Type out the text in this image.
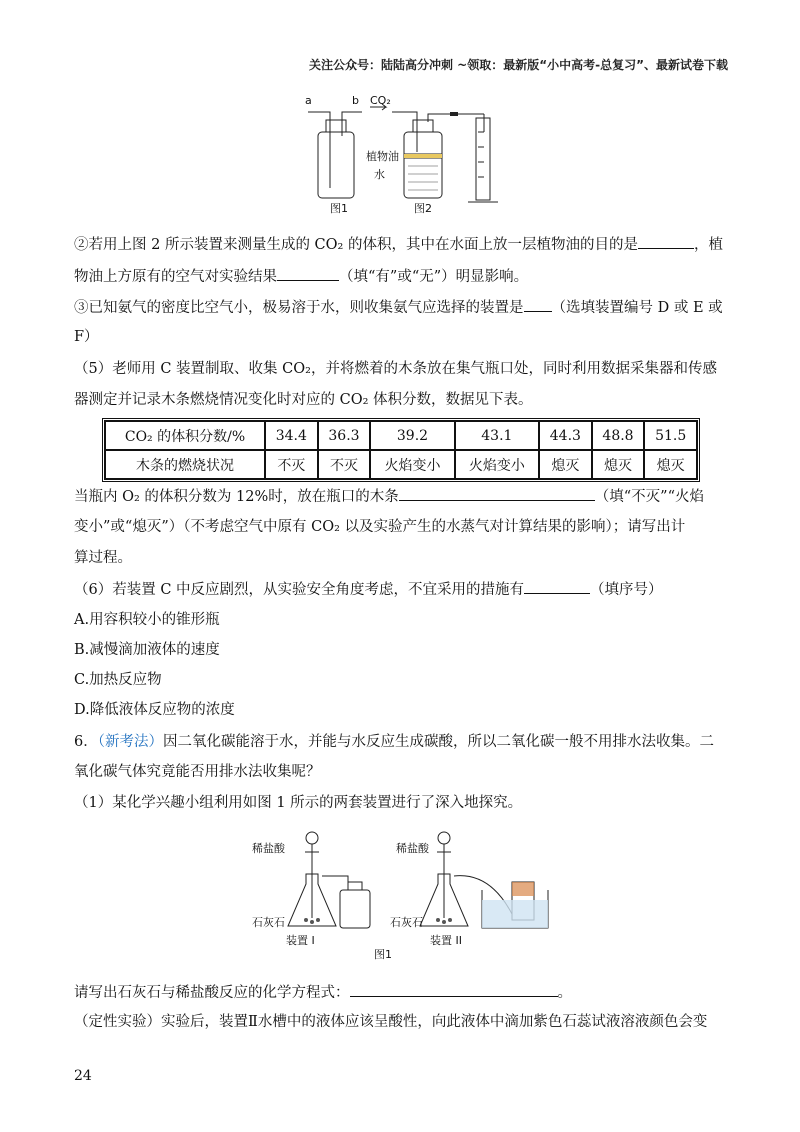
关注公众号：陆陆高分冲刺 ~领取：最新版“小中高考-总复习”、最新试卷下载
a	b CO₂
植物油
水
图1	图2
②若用上图 2 所示装置来测量生成的 CO₂ 的体积，其中在水面上放一层植物油的目的是	，植
物油上方原有的空气对实验结果	（填“有”或“无”）明显影响。
③已知氨气的密度比空气小，极易溶于水，则收集氨气应选择的装置是 （选填装置编号 D 或 E 或
F）
（5）老师用 C 装置制取、收集 CO₂，并将燃着的木条放在集气瓶口处，同时利用数据采集器和传感
器测定并记录木条燃烧情况变化时对应的 CO₂ 体积分数，数据见下表。
CO₂ 的体积分数/%	34.4	36.3	39.2	43.1	44.3	48.8	51.5
木条的燃烧状况	不灭	不灭	火焰变小	火焰变小	熄灭	熄灭	熄灭
当瓶内 O₂ 的体积分数为 12%时，放在瓶口的木条	（填“不灭”“火焰
变小”或“熄灭”）（不考虑空气中原有 CO₂ 以及实验产生的水蒸气对计算结果的影响）；请写出计
算过程。
（6）若装置 C 中反应剧烈，从实验安全角度考虑，不宜采用的措施有	（填序号）
A.用容积较小的锥形瓶
B.减慢滴加液体的速度
C.加热反应物
D.降低液体反应物的浓度
6．（新考法）因二氧化碳能溶于水，并能与水反应生成碳酸，所以二氧化碳一般不用排水法收集。二
氧化碳气体究竟能否用排水法收集呢？
（1）某化学兴趣小组利用如图 1 所示的两套装置进行了深入地探究。
稀盐酸	稀盐酸
石灰石	石灰石
装置 I	装置 II
图1
请写出石灰石与稀盐酸反应的化学方程式：	。
（定性实验）实验后，装置Ⅱ水槽中的液体应该呈酸性，向此液体中滴加紫色石蕊试液溶液颜色会变
24
